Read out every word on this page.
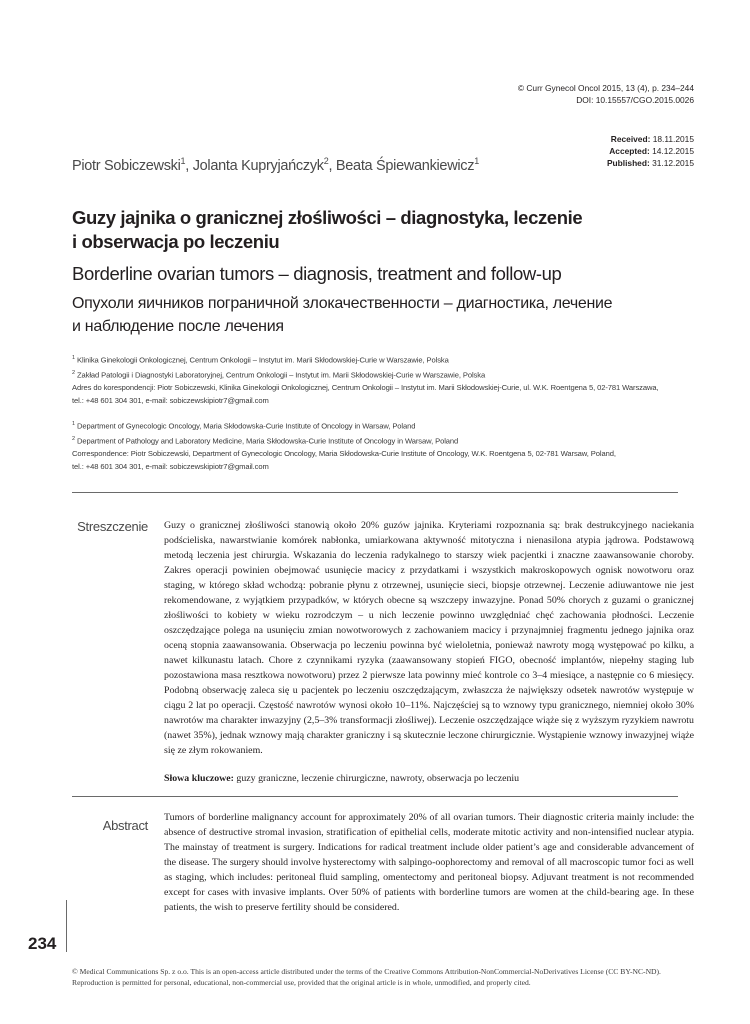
© Curr Gynecol Oncol 2015, 13 (4), p. 234–244
DOI: 10.15557/CGO.2015.0026
Received: 18.11.2015
Accepted: 14.12.2015
Published: 31.12.2015
Piotr Sobiczewski$^1$, Jolanta Kupryjańczyk$^2$, Beata Śpiewankiewicz$^1$
Guzy jajnika o granicznej złośliwości – diagnostyka, leczenie
i obserwacja po leczeniu
Borderline ovarian tumors – diagnosis, treatment and follow-up
Опухоли яичников пограничной злокачественности – диагностика, лечение
и наблюдение после лечения
$^1$ Klinika Ginekologii Onkologicznej, Centrum Onkologii – Instytut im. Marii Skłodowskiej-Curie w Warszawie, Polska
$^2$ Zakład Patologii i Diagnostyki Laboratoryjnej, Centrum Onkologii – Instytut im. Marii Skłodowskiej-Curie w Warszawie, Polska
Adres do korespondencji: Piotr Sobiczewski, Klinika Ginekologii Onkologicznej, Centrum Onkologii – Instytut im. Marii Skłodowskiej-Curie, ul. W.K. Roentgena 5, 02-781 Warszawa,
tel.: +48 601 304 301, e-mail: sobiczewskipiotr7@gmail.com
$^1$ Department of Gynecologic Oncology, Maria Skłodowska-Curie Institute of Oncology in Warsaw, Poland
$^2$ Department of Pathology and Laboratory Medicine, Maria Skłodowska-Curie Institute of Oncology in Warsaw, Poland
Correspondence: Piotr Sobiczewski, Department of Gynecologic Oncology, Maria Skłodowska-Curie Institute of Oncology, W.K. Roentgena 5, 02-781 Warsaw, Poland,
tel.: +48 601 304 301, e-mail: sobiczewskipiotr7@gmail.com
Streszczenie Guzy o granicznej złośliwości stanowią około 20% guzów jajnika. Kryteriami rozpoznania są: brak destrukcyjnego naciekania podścieliska, nawarstwianie komórek nabłonka, umiarkowana aktywność mitotyczna i nienasilona atypia jądrowa. Podstawową metodą leczenia jest chirurgia. Wskazania do leczenia radykalnego to starszy wiek pacjentki i znaczne zaawansowanie choroby. Zakres operacji powinien obejmować usunięcie macicy z przydatkami i wszystkich makroskopowych ognisk nowotworu oraz staging, w którego skład wchodzą: pobranie płynu z otrzewnej, usunięcie sieci, biopsje otrzewnej. Leczenie adiuwantowe nie jest rekomendowane, z wyjątkiem przypadków, w których obecne są wszczepy inwazyjne. Ponad 50% chorych z guzami o granicznej złośliwości to kobiety w wieku rozrodczym – u nich leczenie powinno uwzględniać chęć zachowania płodności. Leczenie oszczędzające polega na usunięciu zmian nowotworowych z zachowaniem macicy i przynajmniej fragmentu jednego jajnika oraz oceną stopnia zaawansowania. Obserwacja po leczeniu powinna być wieloletnia, ponieważ nawroty mogą występować po kilku, a nawet kilkunastu latach. Chore z czynnikami ryzyka (zaawansowany stopień FIGO, obecność implantów, niepełny staging lub pozostawiona masa resztkowa nowotworu) przez 2 pierwsze lata powinny mieć kontrole co 3–4 miesiące, a następnie co 6 miesięcy. Podobną obserwację zaleca się u pacjentek po leczeniu oszczędzającym, zwłaszcza że największy odsetek nawrotów występuje w ciągu 2 lat po operacji. Częstość nawrotów wynosi około 10–11%. Najczęściej są to wznowy typu granicznego, niemniej około 30% nawrotów ma charakter inwazyjny (2,5–3% transformacji złośliwej). Leczenie oszczędzające wiąże się z wyższym ryzykiem nawrotu (nawet 35%), jednak wznowy mają charakter graniczny i są skutecznie leczone chirurgicznie. Wystąpienie wznowy inwazyjnej wiąże się ze złym rokowaniem.
Słowa kluczowe: guzy graniczne, leczenie chirurgiczne, nawroty, obserwacja po leczeniu
Abstract
Tumors of borderline malignancy account for approximately 20% of all ovarian tumors. Their diagnostic criteria mainly include: the absence of destructive stromal invasion, stratification of epithelial cells, moderate mitotic activity and non-intensified nuclear atypia. The mainstay of treatment is surgery. Indications for radical treatment include older patient’s age and considerable advancement of the disease. The surgery should involve hysterectomy with salpingo-oophorectomy and removal of all macroscopic tumor foci as well as staging, which includes: peritoneal fluid sampling, omentectomy and peritoneal biopsy. Adjuvant treatment is not recommended except for cases with invasive implants. Over 50% of patients with borderline tumors are women at the child-bearing age. In these patients, the wish to preserve fertility should be considered.
234
© Medical Communications Sp. z o.o. This is an open-access article distributed under the terms of the Creative Commons Attribution-NonCommercial-NoDerivatives License (CC BY-NC-ND). Reproduction is permitted for personal, educational, non-commercial use, provided that the original article is in whole, unmodified, and properly cited.
